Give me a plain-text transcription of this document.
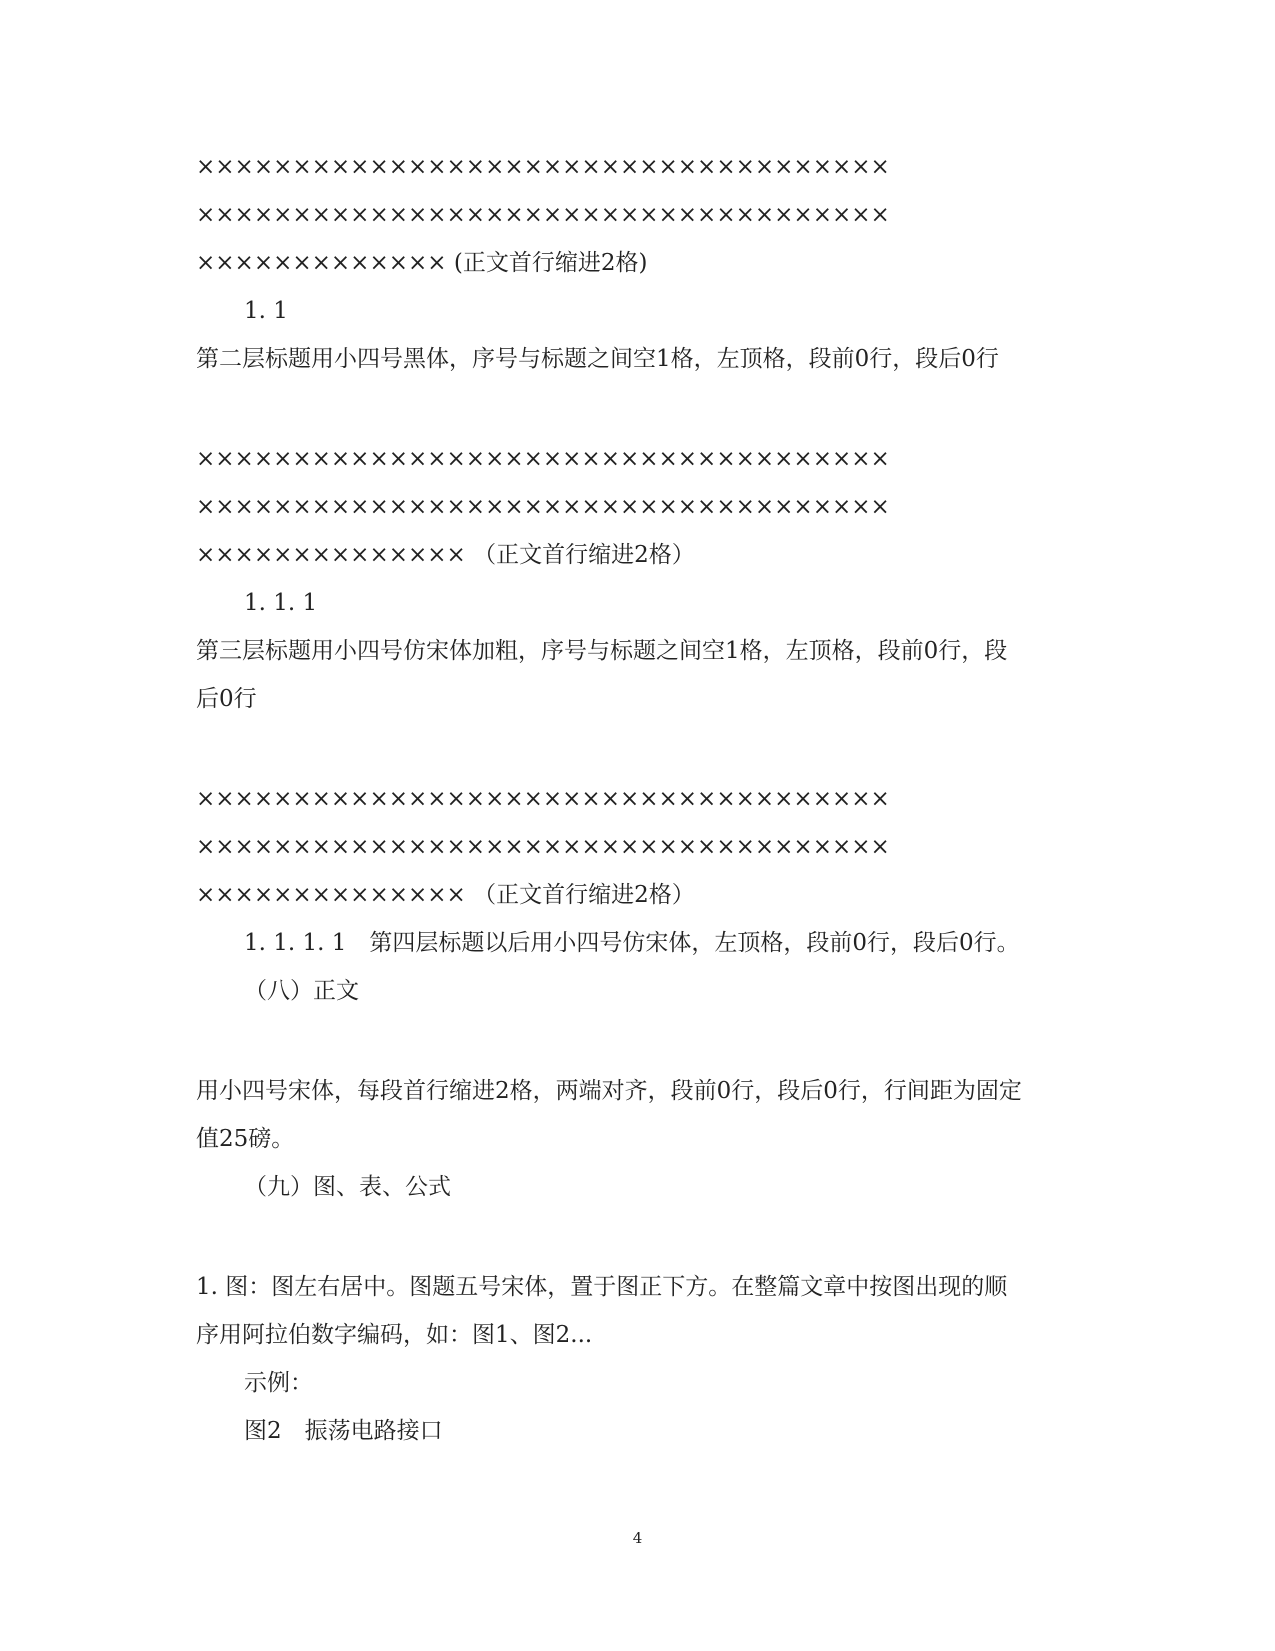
××××××××××××××××××××××××××××××××××××
××××××××××××××××××××××××××××××××××××
××××××××××××× (正文首行缩进2格)
1. 1
第二层标题用小四号黑体，序号与标题之间空1格，左顶格，段前0行，段后0行
××××××××××××××××××××××××××××××××××××
××××××××××××××××××××××××××××××××××××
×××××××××××××× （正文首行缩进2格）
1. 1. 1
第三层标题用小四号仿宋体加粗，序号与标题之间空1格，左顶格，段前0行，段
后0行
××××××××××××××××××××××××××××××××××××
××××××××××××××××××××××××××××××××××××
×××××××××××××× （正文首行缩进2格）
1. 1. 1. 1　第四层标题以后用小四号仿宋体，左顶格，段前0行，段后0行。
（八）正文
用小四号宋体，每段首行缩进2格，两端对齐，段前0行，段后0行，行间距为固定
值25磅。
（九）图、表、公式
1. 图：图左右居中。图题五号宋体，置于图正下方。在整篇文章中按图出现的顺
序用阿拉伯数字编码，如：图1、图2...
示例：
图2　振荡电路接口
4
